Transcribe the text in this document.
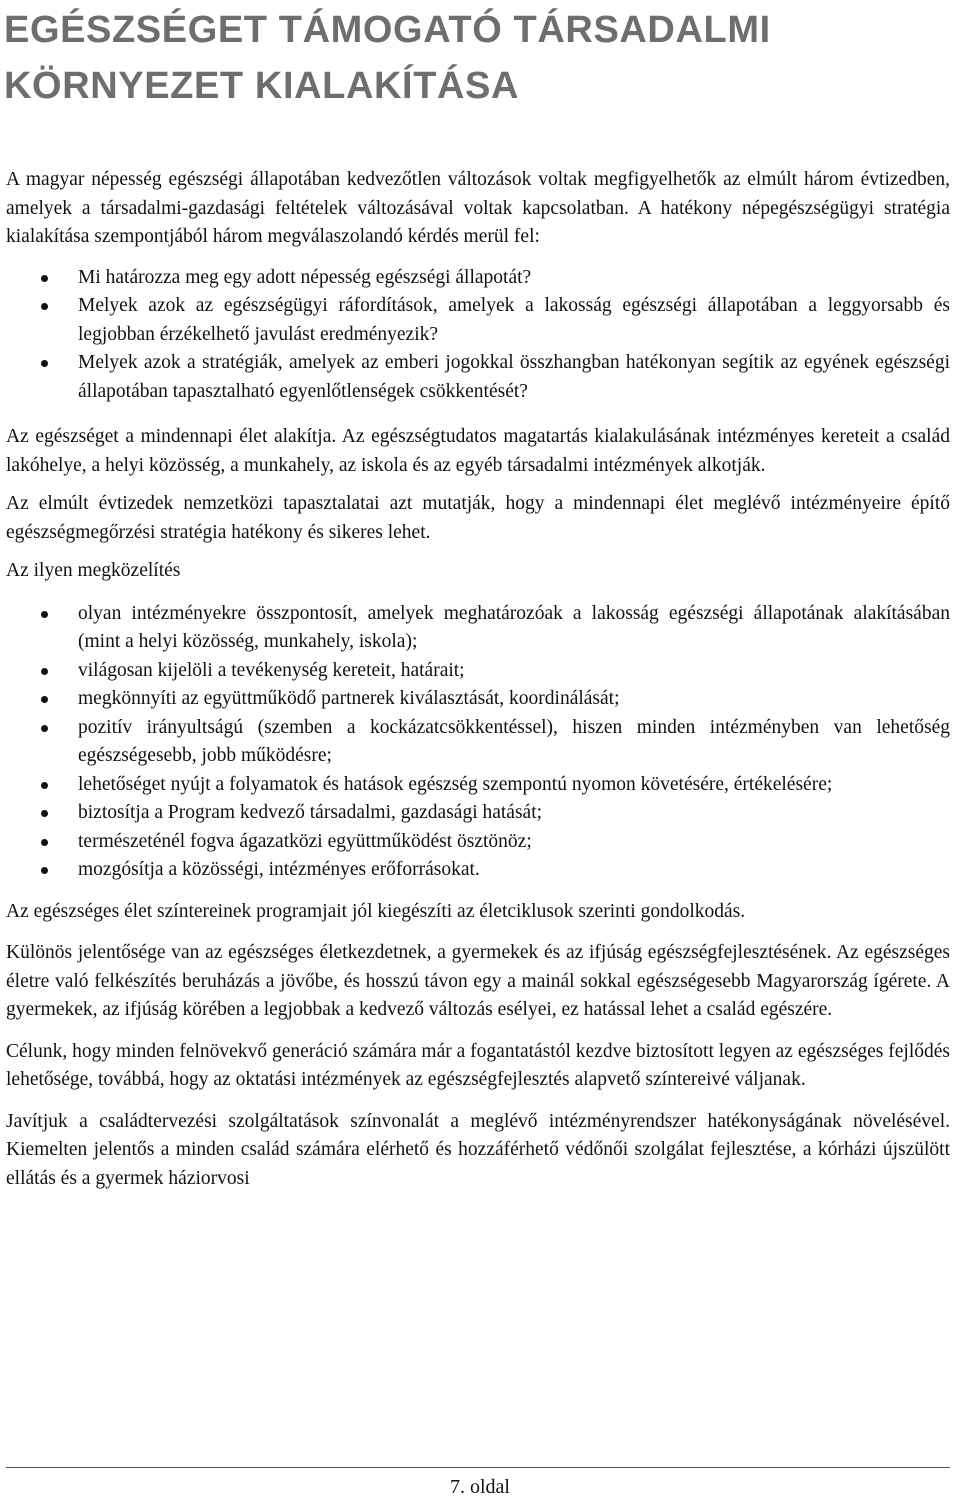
EGÉSZSÉGET TÁMOGATÓ TÁRSADALMI
KÖRNYEZET KIALAKÍTÁSA

A magyar népesség egészségi állapotában kedvezőtlen változások voltak megfigyelhetők az elmúlt három évtizedben, amelyek a társadalmi-gazdasági feltételek változásával voltak kapcsolatban. A hatékony népegészségügyi stratégia kialakítása szempontjából három megválaszolandó kérdés merül fel:

Mi határozza meg egy adott népesség egészségi állapotát?
Melyek azok az egészségügyi ráfordítások, amelyek a lakosság egészségi állapotában a leggyorsabb és legjobban érzékelhető javulást eredményezik?
Melyek azok a stratégiák, amelyek az emberi jogokkal összhangban hatékonyan segítik az egyének egészségi állapotában tapasztalható egyenlőtlenségek csökkentését?

Az egészséget a mindennapi élet alakítja. Az egészségtudatos magatartás kialakulásának intézményes kereteit a család lakóhelye, a helyi közösség, a munkahely, az iskola és az egyéb társadalmi intézmények alkotják.

Az elmúlt évtizedek nemzetközi tapasztalatai azt mutatják, hogy a mindennapi élet meglévő intézményeire építő egészségmegőrzési stratégia hatékony és sikeres lehet.

Az ilyen megközelítés

olyan intézményekre összpontosít, amelyek meghatározóak a lakosság egészségi állapotának alakításában (mint a helyi közösség, munkahely, iskola);
világosan kijelöli a tevékenység kereteit, határait;
megkönnyíti az együttműködő partnerek kiválasztását, koordinálását;
pozitív irányultságú (szemben a kockázatcsökkentéssel), hiszen minden intézményben van lehetőség egészségesebb, jobb működésre;
lehetőséget nyújt a folyamatok és hatások egészség szempontú nyomon követésére, értékelésére;
biztosítja a Program kedvező társadalmi, gazdasági hatását;
természeténél fogva ágazatközi együttműködést ösztönöz;
mozgósítja a közösségi, intézményes erőforrásokat.

Az egészséges élet színtereinek programjait jól kiegészíti az életciklusok szerinti gondolkodás.

Különös jelentősége van az egészséges életkezdetnek, a gyermekek és az ifjúság egészségfejlesztésének. Az egészséges életre való felkészítés beruházás a jövőbe, és hosszú távon egy a mainál sokkal egészségesebb Magyarország ígérete. A gyermekek, az ifjúság körében a legjobbak a kedvező változás esélyei, ez hatással lehet a család egészére.

Célunk, hogy minden felnövekvő generáció számára már a fogantatástól kezdve biztosított legyen az egészséges fejlődés lehetősége, továbbá, hogy az oktatási intézmények az egészségfejlesztés alapvető színtereivé váljanak.

Javítjuk a családtervezési szolgáltatások színvonalát a meglévő intézményrendszer hatékonyságának növelésével. Kiemelten jelentős a minden család számára elérhető és hozzáférhető védőnői szolgálat fejlesztése, a kórházi újszülött ellátás és a gyermek háziorvosi

7. oldal
